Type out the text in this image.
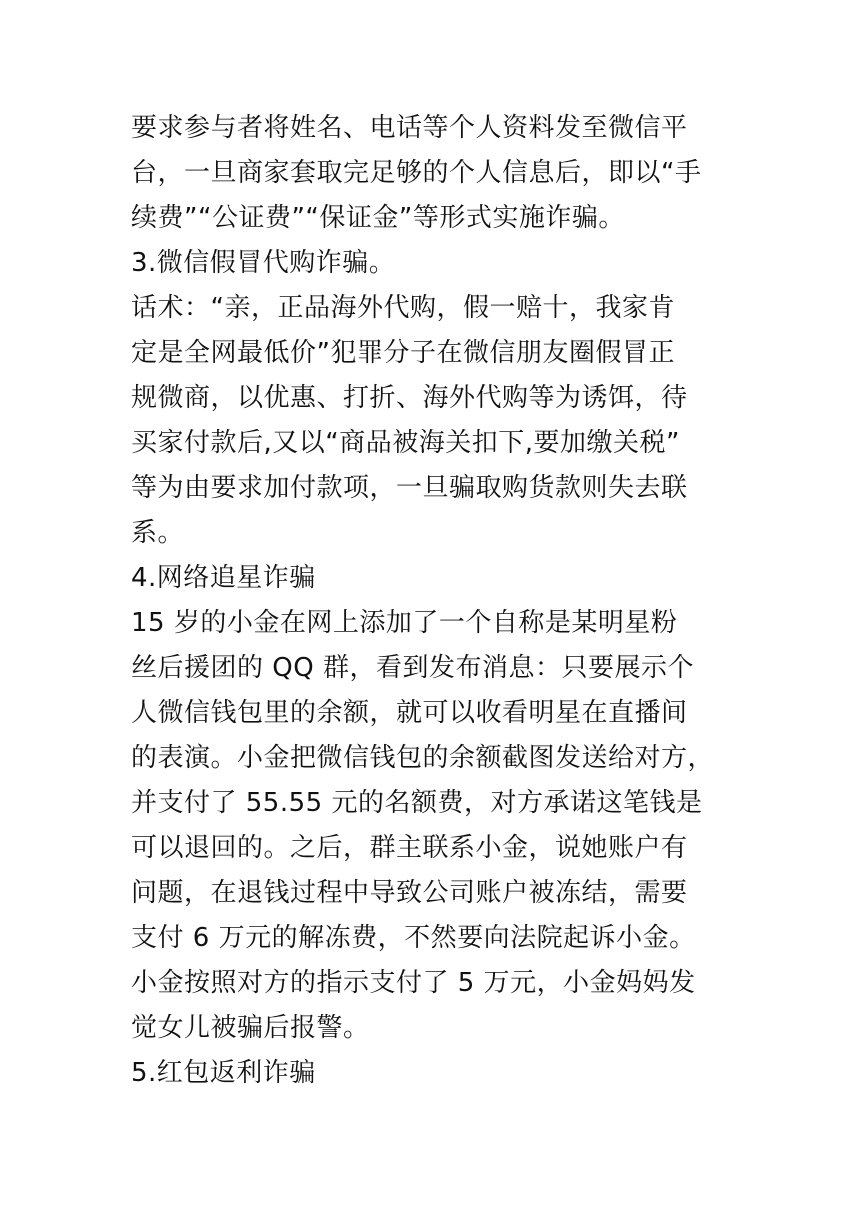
要求参与者将姓名、电话等个人资料发至微信平
台，一旦商家套取完足够的个人信息后，即以“手
续费”“公证费”“保证金”等形式实施诈骗。
3.微信假冒代购诈骗。
话术：“亲，正品海外代购，假一赔十，我家肯
定是全网最低价”犯罪分子在微信朋友圈假冒正
规微商，以优惠、打折、海外代购等为诱饵，待
买家付款后,又以“商品被海关扣下,要加缴关税”
等为由要求加付款项，一旦骗取购货款则失去联
系。
4.网络追星诈骗
15 岁的小金在网上添加了一个自称是某明星粉
丝后援团的 QQ 群，看到发布消息：只要展示个
人微信钱包里的余额，就可以收看明星在直播间
的表演。小金把微信钱包的余额截图发送给对方，
并支付了 55.55 元的名额费，对方承诺这笔钱是
可以退回的。之后，群主联系小金，说她账户有
问题，在退钱过程中导致公司账户被冻结，需要
支付 6 万元的解冻费，不然要向法院起诉小金。
小金按照对方的指示支付了 5 万元，小金妈妈发
觉女儿被骗后报警。
5.红包返利诈骗
